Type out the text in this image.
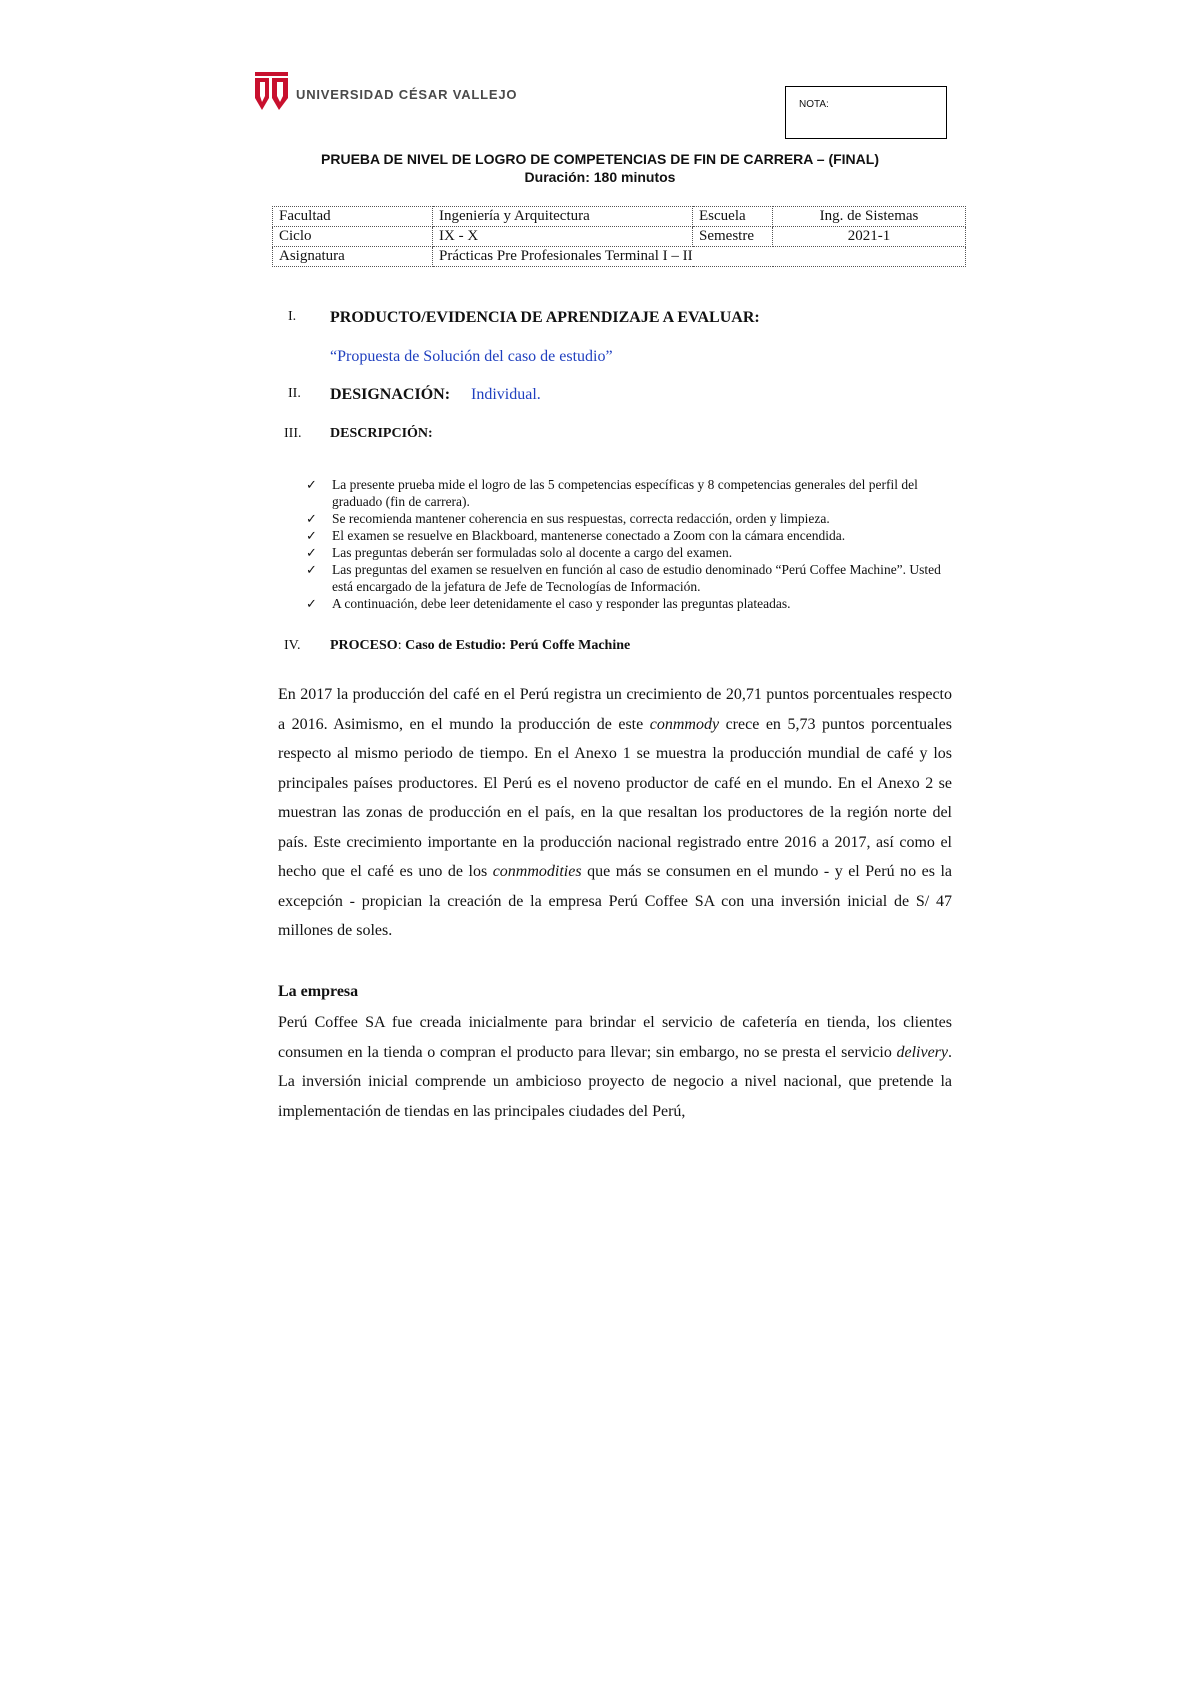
UNIVERSIDAD CÉSAR VALLEJO
NOTA:
PRUEBA DE NIVEL DE LOGRO DE COMPETENCIAS DE FIN DE CARRERA – (FINAL)
Duración: 180 minutos
Facultad	Ingeniería y Arquitectura	Escuela	Ing. de Sistemas
Ciclo	IX - X	Semestre	2021-1
Asignatura	Prácticas Pre Profesionales Terminal I – II		
I. PRODUCTO/EVIDENCIA DE APRENDIZAJE A EVALUAR:
“Propuesta de Solución del caso de estudio”
II. DESIGNACIÓN: Individual.
III. DESCRIPCIÓN:
✓ La presente prueba mide el logro de las 5 competencias específicas y 8 competencias generales del perfil del graduado (fin de carrera).
✓ Se recomienda mantener coherencia en sus respuestas, correcta redacción, orden y limpieza.
✓ El examen se resuelve en Blackboard, mantenerse conectado a Zoom con la cámara encendida.
✓ Las preguntas deberán ser formuladas solo al docente a cargo del examen.
✓ Las preguntas del examen se resuelven en función al caso de estudio denominado “Perú Coffee Machine”. Usted está encargado de la jefatura de Jefe de Tecnologías de Información.
✓ A continuación, debe leer detenidamente el caso y responder las preguntas plateadas.
IV. PROCESO: Caso de Estudio: Perú Coffe Machine

En 2017 la producción del café en el Perú registra un crecimiento de 20,71 puntos porcentuales respecto a 2016. Asimismo, en el mundo la producción de este conmmody crece en 5,73 puntos porcentuales respecto al mismo periodo de tiempo. En el Anexo 1 se muestra la producción mundial de café y los principales países productores. El Perú es el noveno productor de café en el mundo. En el Anexo 2 se muestran las zonas de producción en el país, en la que resaltan los productores de la región norte del país. Este crecimiento importante en la producción nacional registrado entre 2016 a 2017, así como el hecho que el café es uno de los conmmodities que más se consumen en el mundo - y el Perú no es la excepción - propician la creación de la empresa Perú Coffee SA con una inversión inicial de S/ 47 millones de soles.

La empresa

Perú Coffee SA fue creada inicialmente para brindar el servicio de cafetería en tienda, los clientes consumen en la tienda o compran el producto para llevar; sin embargo, no se presta el servicio delivery. La inversión inicial comprende un ambicioso proyecto de negocio a nivel nacional, que pretende la implementación de tiendas en las principales ciudades del Perú,
